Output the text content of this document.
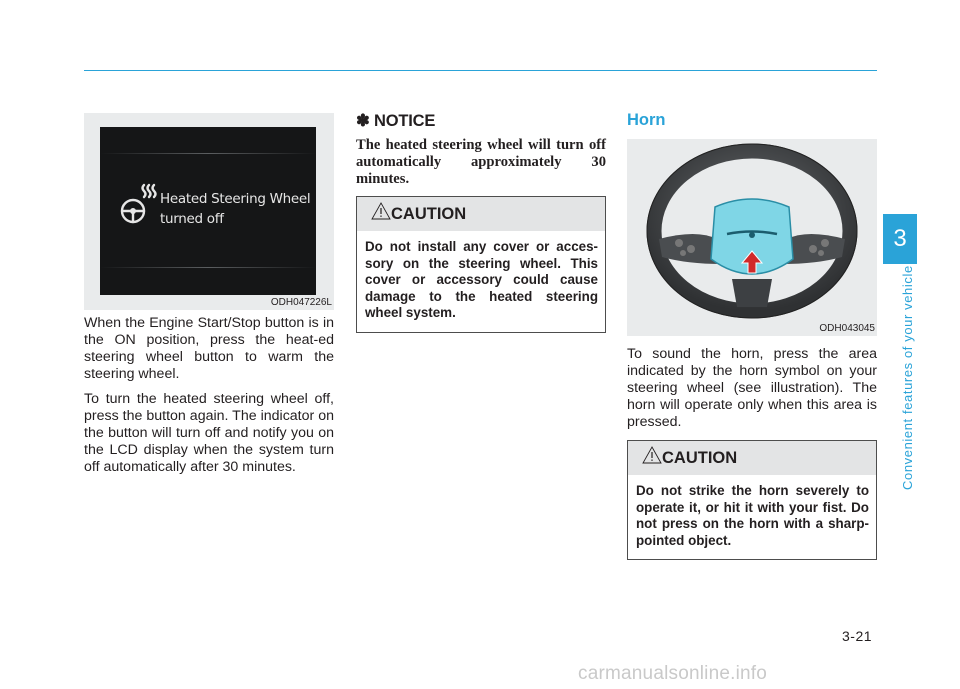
Heated Steering Wheel
turned off
ODH047226L

When the Engine Start/Stop button is in the ON position, press the heat-ed steering wheel button to warm the steering wheel.

To turn the heated steering wheel off, press the button again. The indicator on the button will turn off and notify you on the LCD display when the system turn off automatically after 30 minutes.

✽ NOTICE
The heated steering wheel will turn off automatically approximately 30 minutes.
CAUTION
Do not install any cover or acces-sory on the steering wheel. This cover or accessory could cause damage to the heated steering wheel system.
Horn
ODH043045

To sound the horn, press the area indicated by the horn symbol on your steering wheel (see illustration). The horn will operate only when this area is pressed.

CAUTION
Do not strike the horn severely to operate it, or hit it with your fist. Do not press on the horn with a sharp-pointed object.
3
Convenient features of your vehicle
3-21
carmanualsonline.info
